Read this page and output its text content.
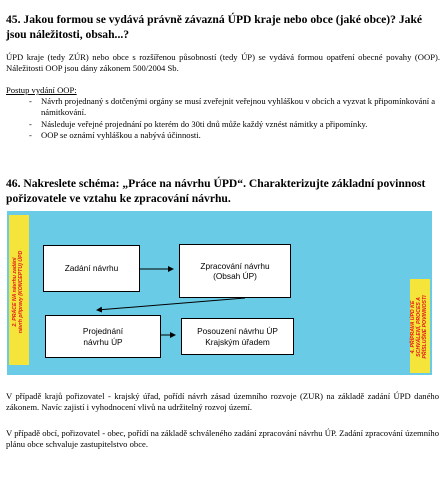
45. Jakou formou se vydává právně závazná ÚPD kraje nebo obce (jaké obce)? Jaké

jsou náležitosti, obsah...?

ÚPD kraje (tedy ZÚR) nebo obce s rozšířenou působností (tedy ÚP) se vydává formou opatření obecné povahy (OOP). Náležitosti OOP jsou dány zákonem 500/2004 Sb.

Postup vydání OOP:

- Návrh projednaný s dotčenými orgány se musí zveřejnit veřejnou vyhláškou v obcích a vyzvat k připomínkování a námitkování.
- Následuje veřejné projednání po kterém do 30ti dnů může každý vznést námitky a připomínky.
- OOP se oznámí vyhláškou a nabývá účinnosti.

46. Nakreslete schéma: „Práce na návrhu ÚPD“. Charakterizujte základní povinnost

pořizovatele ve vztahu ke zpracování návrhu.

2. PRÁCE NA návrhu zadání návrh přípravy (KONCEPTU) ÚPD	4. PŘÍPRAVA ÚPD KE SCHVÁLENÍ, PROCES A PŘÍSLUŠNÉ POVINNOSTI
Zadání návrhu	Zpracování návrhu
(Obsah ÚP)
Projednání
návrhu ÚP
Posouzení návrhu ÚP
Krajským úřadem

V případě krajů pořizovatel - krajský úřad, pořídí návrh zásad územního rozvoje (ZUR) na základě zadání ÚPD daného zákonem. Navíc zajistí i vyhodnocení vlivů na udržitelný rozvoj území.

V případě obcí, pořizovatel - obec, pořídí na základě schváleného zadání zpracování návrhu ÚP. Zadání zpracování územního plánu obce schvaluje zastupitelstvo obce.
